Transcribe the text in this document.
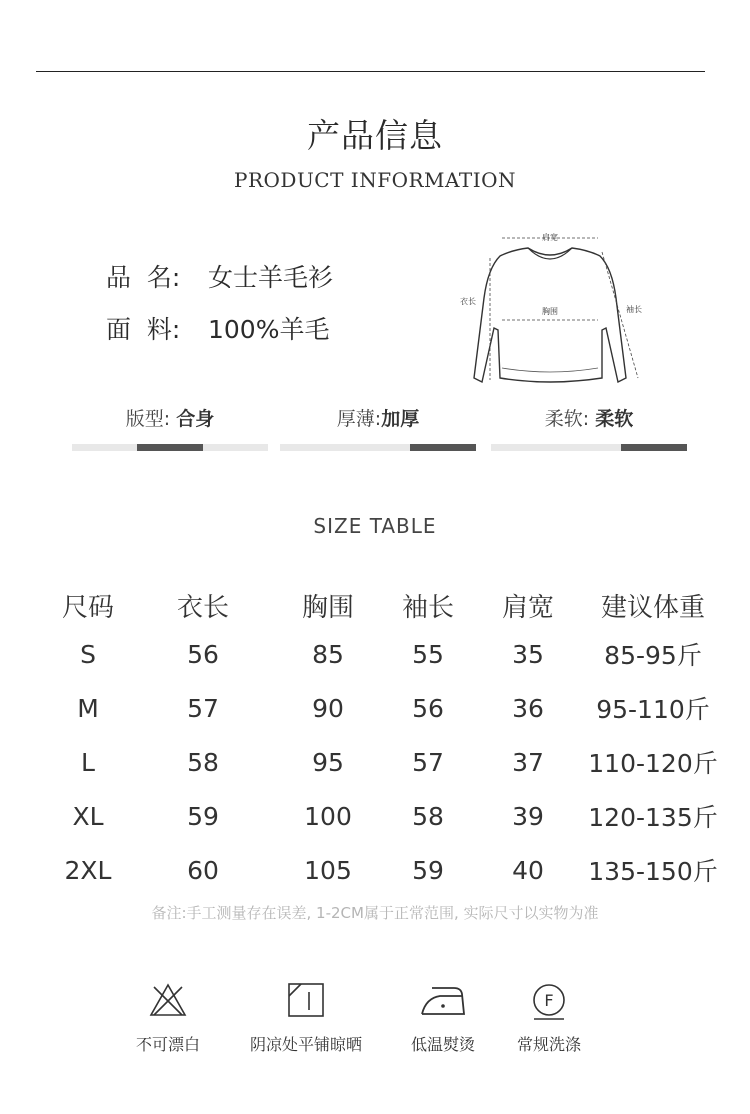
产品信息
PRODUCT INFORMATION
品  名: 女士羊毛衫
面  料: 100%羊毛
肩宽
衣长
胸围	袖长
版型: 合身	厚薄:加厚	柔软: 柔软
SIZE TABLE
尺码	衣长	胸围	袖长	肩宽	建议体重
S	56	85	55	35	85-95斤
M	57	90	56	36	95-110斤
L	58	95	57	37	110-120斤
XL	59	100	58	39	120-135斤
2XL	60	105	59	40	135-150斤
备注:手工测量存在误差, 1-2CM属于正常范围, 实际尺寸以实物为准
不可漂白	阴凉处平铺晾晒	低温熨烫
F
常规洗涤
